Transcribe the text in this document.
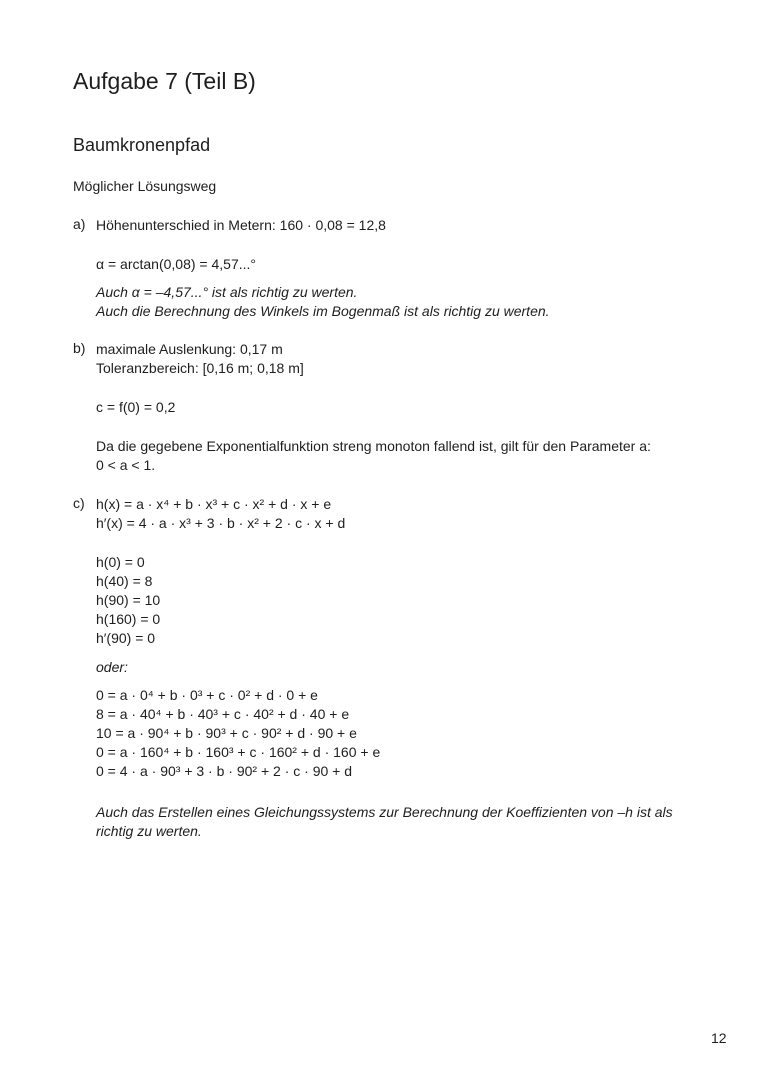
Aufgabe 7 (Teil B)
Baumkronenpfad
Möglicher Lösungsweg
a) Höhenunterschied in Metern: 160 · 0,08 = 12,8
α = arctan(0,08) = 4,57...°
Auch α = –4,57...° ist als richtig zu werten.
Auch die Berechnung des Winkels im Bogenmaß ist als richtig zu werten.
b) maximale Auslenkung: 0,17 m
Toleranzbereich: [0,16 m; 0,18 m]
c = f(0) = 0,2
Da die gegebene Exponentialfunktion streng monoton fallend ist, gilt für den Parameter a:
0 < a < 1.
c) h(x) = a · x⁴ + b · x³ + c · x² + d · x + e
h′(x) = 4 · a · x³ + 3 · b · x² + 2 · c · x + d
h(0) = 0
h(40) = 8
h(90) = 10
h(160) = 0
h′(90) = 0
oder:
0 = a · 0⁴ + b · 0³ + c · 0² + d · 0 + e
8 = a · 40⁴ + b · 40³ + c · 40² + d · 40 + e
10 = a · 90⁴ + b · 90³ + c · 90² + d · 90 + e
0 = a · 160⁴ + b · 160³ + c · 160² + d · 160 + e
0 = 4 · a · 90³ + 3 · b · 90² + 2 · c · 90 + d
Auch das Erstellen eines Gleichungssystems zur Berechnung der Koeffizienten von –h ist als
richtig zu werten.
12
